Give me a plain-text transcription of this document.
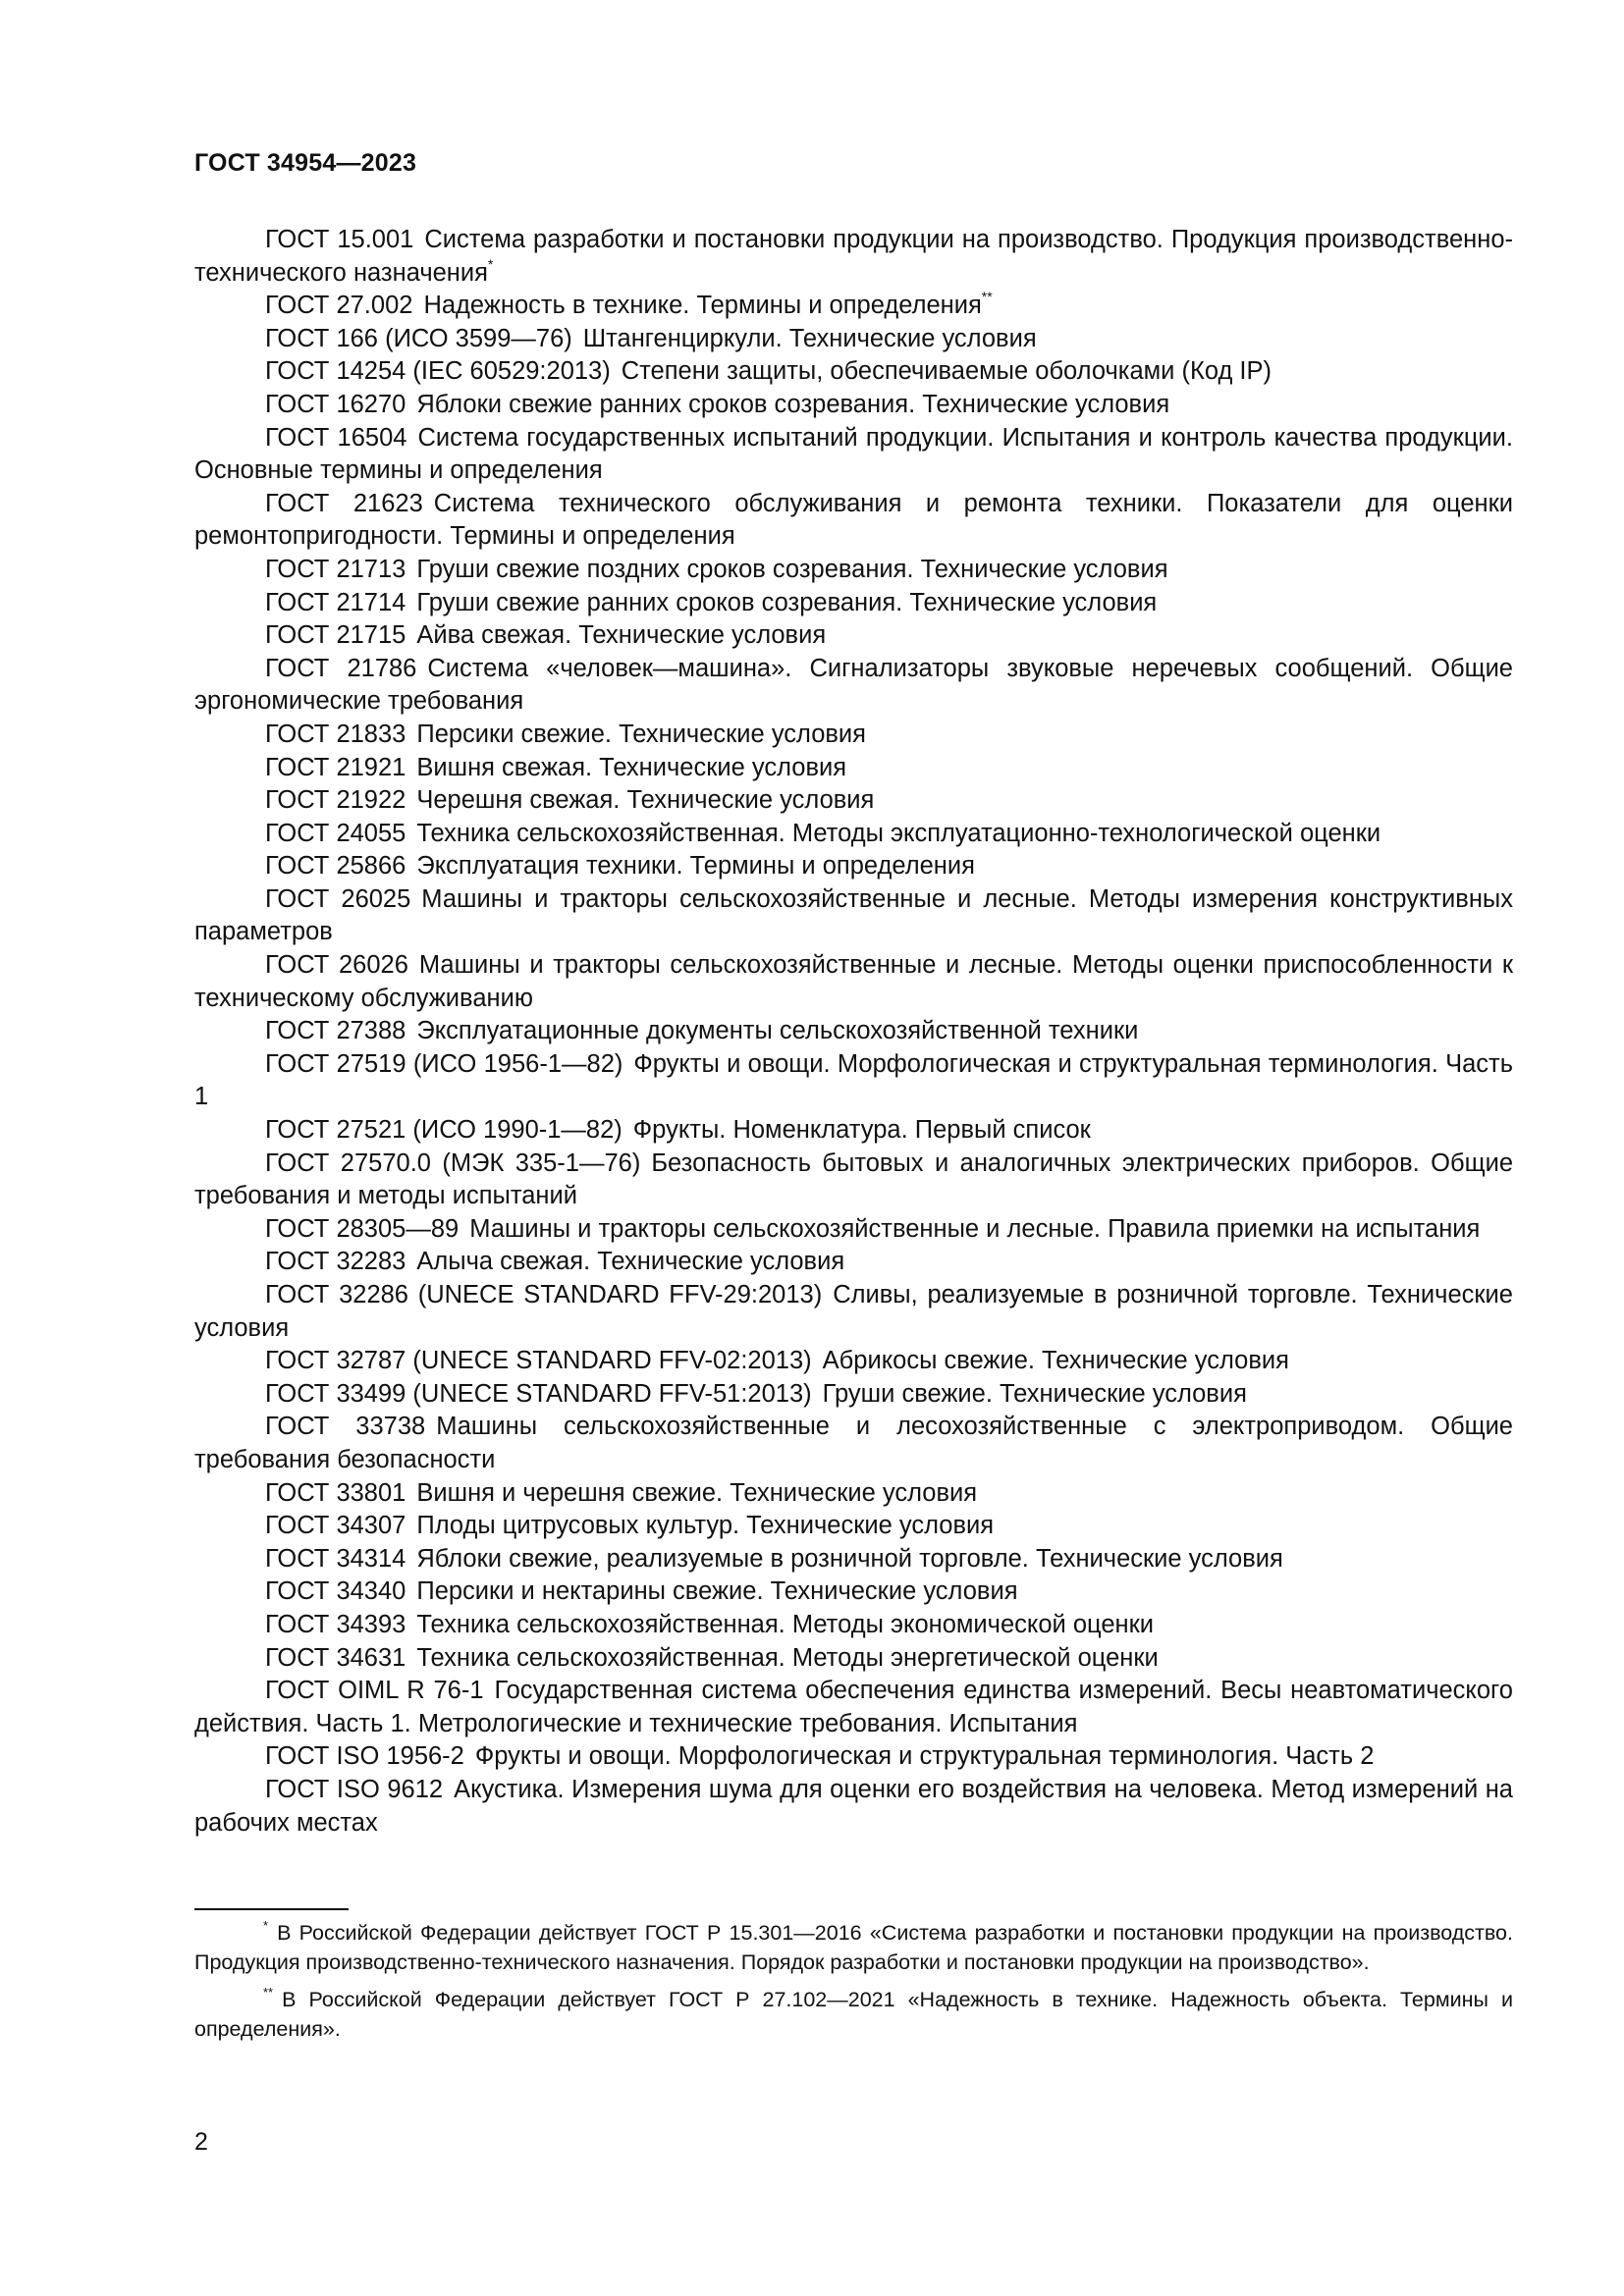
ГОСТ 34954—2023
ГОСТ 15.001 Система разработки и постановки продукции на производство. Продукция производственно-технического назначения*
ГОСТ 27.002 Надежность в технике. Термины и определения**
ГОСТ 166 (ИСО 3599—76) Штангенциркули. Технические условия
ГОСТ 14254 (IEC 60529:2013) Степени защиты, обеспечиваемые оболочками (Код IP)
ГОСТ 16270 Яблоки свежие ранних сроков созревания. Технические условия
ГОСТ 16504 Система государственных испытаний продукции. Испытания и контроль качества продукции. Основные термины и определения
ГОСТ 21623 Система технического обслуживания и ремонта техники. Показатели для оценки ремонтопригодности. Термины и определения
ГОСТ 21713 Груши свежие поздних сроков созревания. Технические условия
ГОСТ 21714 Груши свежие ранних сроков созревания. Технические условия
ГОСТ 21715 Айва свежая. Технические условия
ГОСТ 21786 Система «человек—машина». Сигнализаторы звуковые неречевых сообщений. Общие эргономические требования
ГОСТ 21833 Персики свежие. Технические условия
ГОСТ 21921 Вишня свежая. Технические условия
ГОСТ 21922 Черешня свежая. Технические условия
ГОСТ 24055 Техника сельскохозяйственная. Методы эксплуатационно-технологической оценки
ГОСТ 25866 Эксплуатация техники. Термины и определения
ГОСТ 26025 Машины и тракторы сельскохозяйственные и лесные. Методы измерения конструктивных параметров
ГОСТ 26026 Машины и тракторы сельскохозяйственные и лесные. Методы оценки приспособленности к техническому обслуживанию
ГОСТ 27388 Эксплуатационные документы сельскохозяйственной техники
ГОСТ 27519 (ИСО 1956-1—82) Фрукты и овощи. Морфологическая и структуральная терминология. Часть 1
ГОСТ 27521 (ИСО 1990-1—82) Фрукты. Номенклатура. Первый список
ГОСТ 27570.0 (МЭК 335-1—76) Безопасность бытовых и аналогичных электрических приборов. Общие требования и методы испытаний
ГОСТ 28305—89 Машины и тракторы сельскохозяйственные и лесные. Правила приемки на испытания
ГОСТ 32283 Алыча свежая. Технические условия
ГОСТ 32286 (UNECE STANDARD FFV-29:2013) Сливы, реализуемые в розничной торговле. Технические условия
ГОСТ 32787 (UNECE STANDARD FFV-02:2013) Абрикосы свежие. Технические условия
ГОСТ 33499 (UNECE STANDARD FFV-51:2013) Груши свежие. Технические условия
ГОСТ 33738 Машины сельскохозяйственные и лесохозяйственные с электроприводом. Общие требования безопасности
ГОСТ 33801 Вишня и черешня свежие. Технические условия
ГОСТ 34307 Плоды цитрусовых культур. Технические условия
ГОСТ 34314 Яблоки свежие, реализуемые в розничной торговле. Технические условия
ГОСТ 34340 Персики и нектарины свежие. Технические условия
ГОСТ 34393 Техника сельскохозяйственная. Методы экономической оценки
ГОСТ 34631 Техника сельскохозяйственная. Методы энергетической оценки
ГОСТ OIML R 76-1 Государственная система обеспечения единства измерений. Весы неавтоматического действия. Часть 1. Метрологические и технические требования. Испытания
ГОСТ ISO 1956-2 Фрукты и овощи. Морфологическая и структуральная терминология. Часть 2
ГОСТ ISO 9612 Акустика. Измерения шума для оценки его воздействия на человека. Метод измерений на рабочих местах
* В Российской Федерации действует ГОСТ Р 15.301—2016 «Система разработки и постановки продукции на производство. Продукция производственно-технического назначения. Порядок разработки и постановки продукции на производство».
** В Российской Федерации действует ГОСТ Р 27.102—2021 «Надежность в технике. Надежность объекта. Термины и определения».
2
